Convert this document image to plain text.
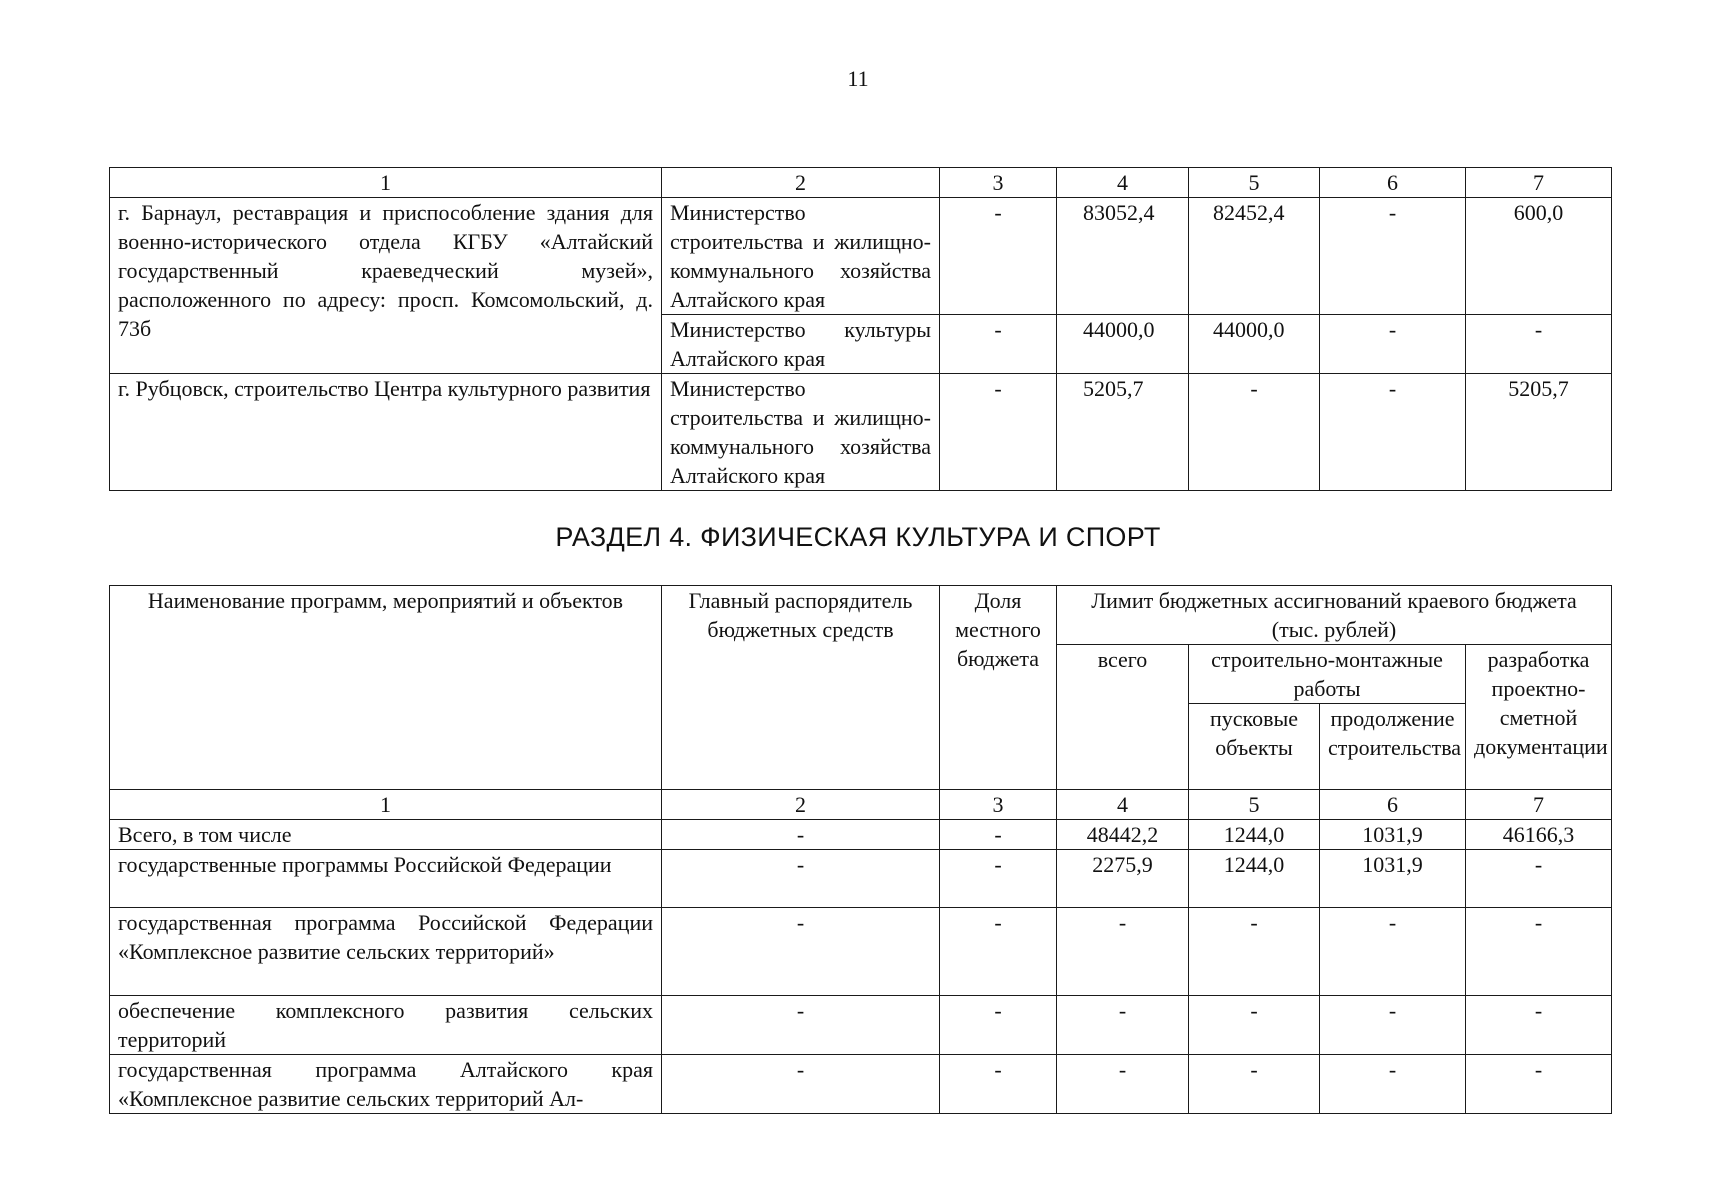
11
1	2	3	4	5	6	7
г. Барнаул, реставрация и приспособление здания для военно-исторического отдела КГБУ «Алтайский государственный краеведческий музей», расположенного по адресу: просп. Комсомольский, д. 73б	Министерство строительства и жилищно-коммунального хозяйства Алтайского края	-	83052,4	82452,4	-	600,0
	Министерство культуры Алтайского края	-	44000,0	44000,0	-	-
г. Рубцовск, строительство Центра культурного развития	Министерство строительства и жилищно-коммунального хозяйства Алтайского края	-	5205,7	-	-	5205,7
РАЗДЕЛ 4. ФИЗИЧЕСКАЯ КУЛЬТУРА И СПОРТ
Наименование программ, мероприятий и объектов	Главный распорядитель бюджетных средств	Доля местного бюджета	Лимит бюджетных ассигнований краевого бюджета (тыс. рублей)			
			всего	строительно-монтажные работы		разработка проектно-сметной документации
				пусковые объекты	продолжение строительства	
1	2	3	4	5	6	7
Всего, в том числе	-	-	48442,2	1244,0	1031,9	46166,3
государственные программы Российской Федерации	-	-	2275,9	1244,0	1031,9	-
государственная программа Российской Федерации «Комплексное развитие сельских территорий»	-	-	-	-	-	-
обеспечение комплексного развития сельских территорий	-	-	-	-	-	-
государственная программа Алтайского края «Комплексное развитие сельских территорий Ал-	-	-	-	-	-	-
